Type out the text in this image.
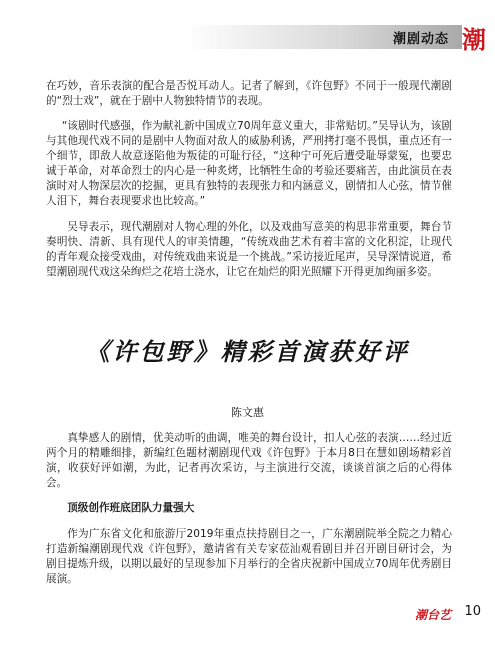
潮剧动态 潮

在巧妙，音乐表演的配合是否悦耳动人。记者了解到，《许包野》不同于一般现代潮剧的“烈士戏”，就在于剧中人物独特情节的表现。

“该剧时代感强，作为献礼新中国成立70周年意义重大，非常贴切。”吴导认为，该剧与其他现代戏不同的是剧中人物面对敌人的威胁利诱，严刑拷打毫不畏惧，重点还有一个细节，即敌人故意逐陷他为叛徒的可耻行径，“这种宁可死后遭受耻辱蒙冤，也要忠诚于革命，对革命烈士的内心是一种炙烤，比牺牲生命的考验还要痛苦，由此演员在表演时对人物深层次的挖掘，更具有独特的表现张力和内涵意义，剧情扣人心弦，情节催人泪下，舞台表现要求也比较高。”

吴导表示，现代潮剧对人物心理的外化，以及戏曲写意美的构思非常重要，舞台节奏明快、清新、具有现代人的审美情趣，“传统戏曲艺术有着丰富的文化积淀，让现代的青年观众接受戏曲，对传统戏曲来说是一个挑战。”采访接近尾声，吴导深情说道，希望潮剧现代戏这朵绚烂之花培土浇水，让它在灿烂的阳光照耀下开得更加绚丽多姿。

《许包野》精彩首演获好评
陈文惠

真挚感人的剧情，优美动听的曲调，唯美的舞台设计，扣人心弦的表演……经过近两个月的精雕细排，新编红色题材潮剧现代戏《许包野》于本月8日在慧如剧场精彩首演，收获好评如潮，为此，记者再次采访，与主演进行交流，谈谈首演之后的心得体会。

顶级创作班底团队力量强大

作为广东省文化和旅游厅2019年重点扶持剧目之一，广东潮剧院举全院之力精心打造新编潮剧现代戏《许包野》，邀请省有关专家莅汕观看剧目并召开剧目研讨会，为剧目提炼升级，以期以最好的呈现参加下月举行的全省庆祝新中国成立70周年优秀剧目展演。

潮台艺 10
